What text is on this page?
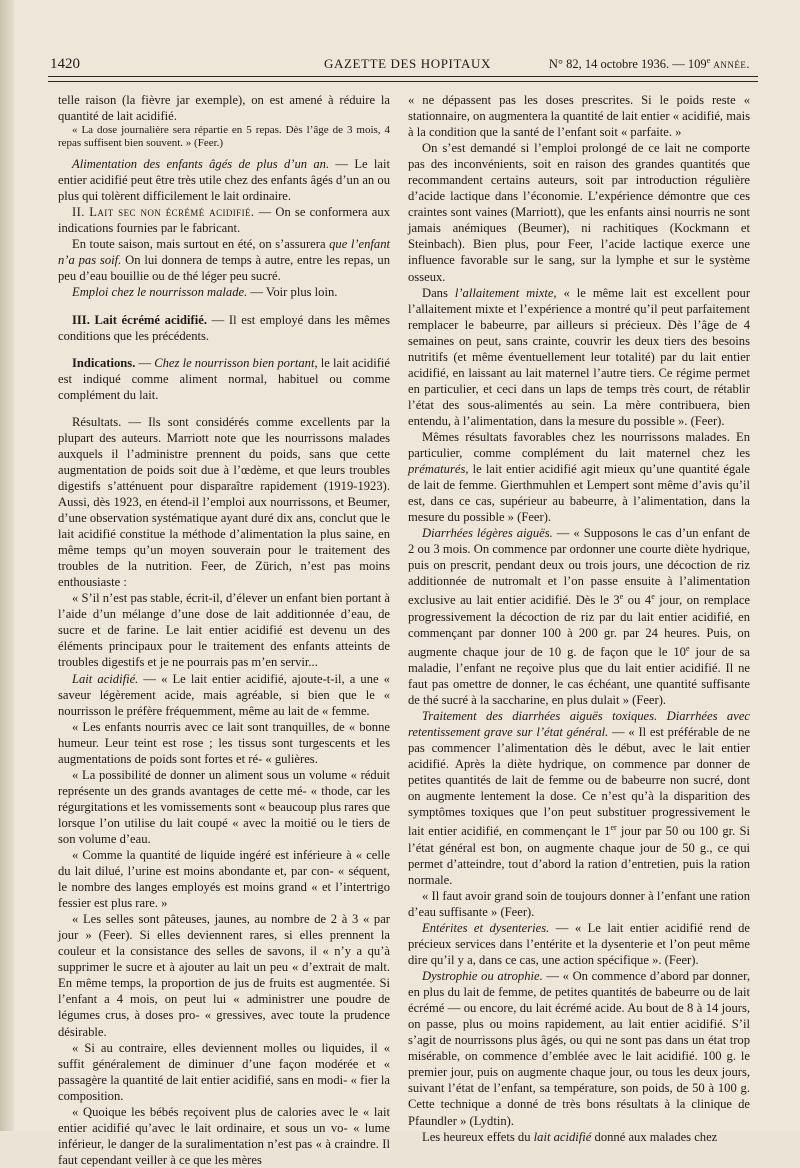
1420	GAZETTE DES HOPITAUX	N° 82, 14 octobre 1936. — 109e année.

telle raison (la fièvre jar exemple), on est amené à réduire la quantité de lait acidifié.

« La dose journalière sera répartie en 5 repas. Dès l’âge de 3 mois, 4 repas suffisent bien souvent. » (Feer.)

Alimentation des enfants âgés de plus d’un an. — Le lait entier acidifié peut être très utile chez des enfants âgés d’un an ou plus qui tolèrent difficilement le lait ordinaire.

II. Lait sec non écrémé acidifié. — On se conformera aux indications fournies par le fabricant.

En toute saison, mais surtout en été, on s’assurera que l’enfant n’a pas soif. On lui donnera de temps à autre, entre les repas, un peu d’eau bouillie ou de thé léger peu sucré.

Emploi chez le nourrisson malade. — Voir plus loin.

III. Lait écrémé acidifié. — Il est employé dans les mêmes conditions que les précédents.

Indications. — Chez le nourrisson bien portant, le lait acidifié est indiqué comme aliment normal, habituel ou comme complément du lait.

Résultats. — Ils sont considérés comme excellents par la plupart des auteurs. Marriott note que les nourrissons malades auxquels il l’administre prennent du poids, sans que cette augmentation de poids soit due à l’œdème, et que leurs troubles digestifs s’atténuent pour disparaître rapidement (1919-1923). Aussi, dès 1923, en étend-il l’emploi aux nourrissons, et Beumer, d’une observation systématique ayant duré dix ans, conclut que le lait acidifié constitue la méthode d’alimentation la plus saine, en même temps qu’un moyen souverain pour le traitement des troubles de la nutrition. Feer, de Zürich, n’est pas moins enthousiaste :

« S’il n’est pas stable, écrit-il, d’élever un enfant bien portant à l’aide d’un mélange d’une dose de lait additionnée d’eau, de sucre et de farine. Le lait entier acidifié est devenu un des éléments principaux pour le traitement des enfants atteints de troubles digestifs et je ne pourrais pas m’en servir...

Lait acidifié. — « Le lait entier acidifié, ajoute-t-il, a une « saveur légèrement acide, mais agréable, si bien que le « nourrisson le préfère fréquemment, même au lait de « femme.

« Les enfants nourris avec ce lait sont tranquilles, de « bonne humeur. Leur teint est rose ; les tissus sont turgescents et les augmentations de poids sont fortes et ré- « gulières.

« La possibilité de donner un aliment sous un volume « réduit représente un des grands avantages de cette mé- « thode, car les régurgitations et les vomissements sont « beaucoup plus rares que lorsque l’on utilise du lait coupé « avec la moitié ou le tiers de son volume d’eau.

« Comme la quantité de liquide ingéré est inférieure à « celle du lait dilué, l’urine est moins abondante et, par con- « séquent, le nombre des langes employés est moins grand « et l’intertrigo fessier est plus rare. »

« Les selles sont pâteuses, jaunes, au nombre de 2 à 3 « par jour » (Feer). Si elles deviennent rares, si elles prennent la couleur et la consistance des selles de savons, il « n’y a qu’à supprimer le sucre et à ajouter au lait un peu « d’extrait de malt. En même temps, la proportion de jus de fruits est augmentée. Si l’enfant a 4 mois, on peut lui « administrer une poudre de légumes crus, à doses pro- « gressives, avec toute la prudence désirable.

« Si au contraire, elles deviennent molles ou liquides, il « suffit généralement de diminuer d’une façon modérée et « passagère la quantité de lait entier acidifié, sans en modi- « fier la composition.

« Quoique les bébés reçoivent plus de calories avec le « lait entier acidifié qu’avec le lait ordinaire, et sous un vo- « lume inférieur, le danger de la suralimentation n’est pas « à craindre. Il faut cependant veiller à ce que les mères

« ne dépassent pas les doses prescrites. Si le poids reste « stationnaire, on augmentera la quantité de lait entier « acidifié, mais à la condition que la santé de l’enfant soit « parfaite. »

On s’est demandé si l’emploi prolongé de ce lait ne comporte pas des inconvénients, soit en raison des grandes quantités que recommandent certains auteurs, soit par introduction régulière d’acide lactique dans l’économie. L’expérience démontre que ces craintes sont vaines (Marriott), que les enfants ainsi nourris ne sont jamais anémiques (Beumer), ni rachitiques (Kockmann et Steinbach). Bien plus, pour Feer, l’acide lactique exerce une influence favorable sur le sang, sur la lymphe et sur le système osseux.

Dans l’allaitement mixte, « le même lait est excellent pour l’allaitement mixte et l’expérience a montré qu’il peut parfaitement remplacer le babeurre, par ailleurs si précieux. Dès l’âge de 4 semaines on peut, sans crainte, couvrir les deux tiers des besoins nutritifs (et même éventuellement leur totalité) par du lait entier acidifié, en laissant au lait maternel l’autre tiers. Ce régime permet en particulier, et ceci dans un laps de temps très court, de rétablir l’état des sous-alimentés au sein. La mère contribuera, bien entendu, à l’alimentation, dans la mesure du possible ». (Feer).

Mêmes résultats favorables chez les nourrissons malades. En particulier, comme complément du lait maternel chez les prématurés, le lait entier acidifié agit mieux qu’une quantité égale de lait de femme. Gierthmuhlen et Lempert sont même d’avis qu’il est, dans ce cas, supérieur au babeurre, à l’alimentation, dans la mesure du possible » (Feer).

Diarrhées légères aiguës. — « Supposons le cas d’un enfant de 2 ou 3 mois. On commence par ordonner une courte diète hydrique, puis on prescrit, pendant deux ou trois jours, une décoction de riz additionnée de nutromalt et l’on passe ensuite à l’alimentation exclusive au lait entier acidifié. Dès le 3e ou 4e jour, on remplace progressivement la décoction de riz par du lait entier acidifié, en commençant par donner 100 à 200 gr. par 24 heures. Puis, on augmente chaque jour de 10 g. de façon que le 10e jour de sa maladie, l’enfant ne reçoive plus que du lait entier acidifié. Il ne faut pas omettre de donner, le cas échéant, une quantité suffisante de thé sucré à la saccharine, en plus dulait » (Feer).

Traitement des diarrhées aiguës toxiques. Diarrhées avec retentissement grave sur l’état général. — « Il est préférable de ne pas commencer l’alimentation dès le début, avec le lait entier acidifié. Après la diète hydrique, on commence par donner de petites quantités de lait de femme ou de babeurre non sucré, dont on augmente lentement la dose. Ce n’est qu’à la disparition des symptômes toxiques que l’on peut substituer progressivement le lait entier acidifié, en commençant le 1er jour par 50 ou 100 gr. Si l’état général est bon, on augmente chaque jour de 50 g., ce qui permet d’atteindre, tout d’abord la ration d’entretien, puis la ration normale.

« Il faut avoir grand soin de toujours donner à l’enfant une ration d’eau suffisante » (Feer).

Entérites et dysenteries. — « Le lait entier acidifié rend de précieux services dans l’entérite et la dysenterie et l’on peut même dire qu’il y a, dans ce cas, une action spécifique ». (Feer).

Dystrophie ou atrophie. — « On commence d’abord par donner, en plus du lait de femme, de petites quantités de babeurre ou de lait écrémé — ou encore, du lait écrémé acide. Au bout de 8 à 14 jours, on passe, plus ou moins rapidement, au lait entier acidifié. S’il s’agit de nourrissons plus âgés, ou qui ne sont pas dans un état trop misérable, on commence d’emblée avec le lait acidifié. 100 g. le premier jour, puis on augmente chaque jour, ou tous les deux jours, suivant l’état de l’enfant, sa température, son poids, de 50 à 100 g. Cette technique a donné de très bons résultats à la clinique de Pfaundler » (Lydtin).

Les heureux effets du lait acidifié donné aux malades chez
